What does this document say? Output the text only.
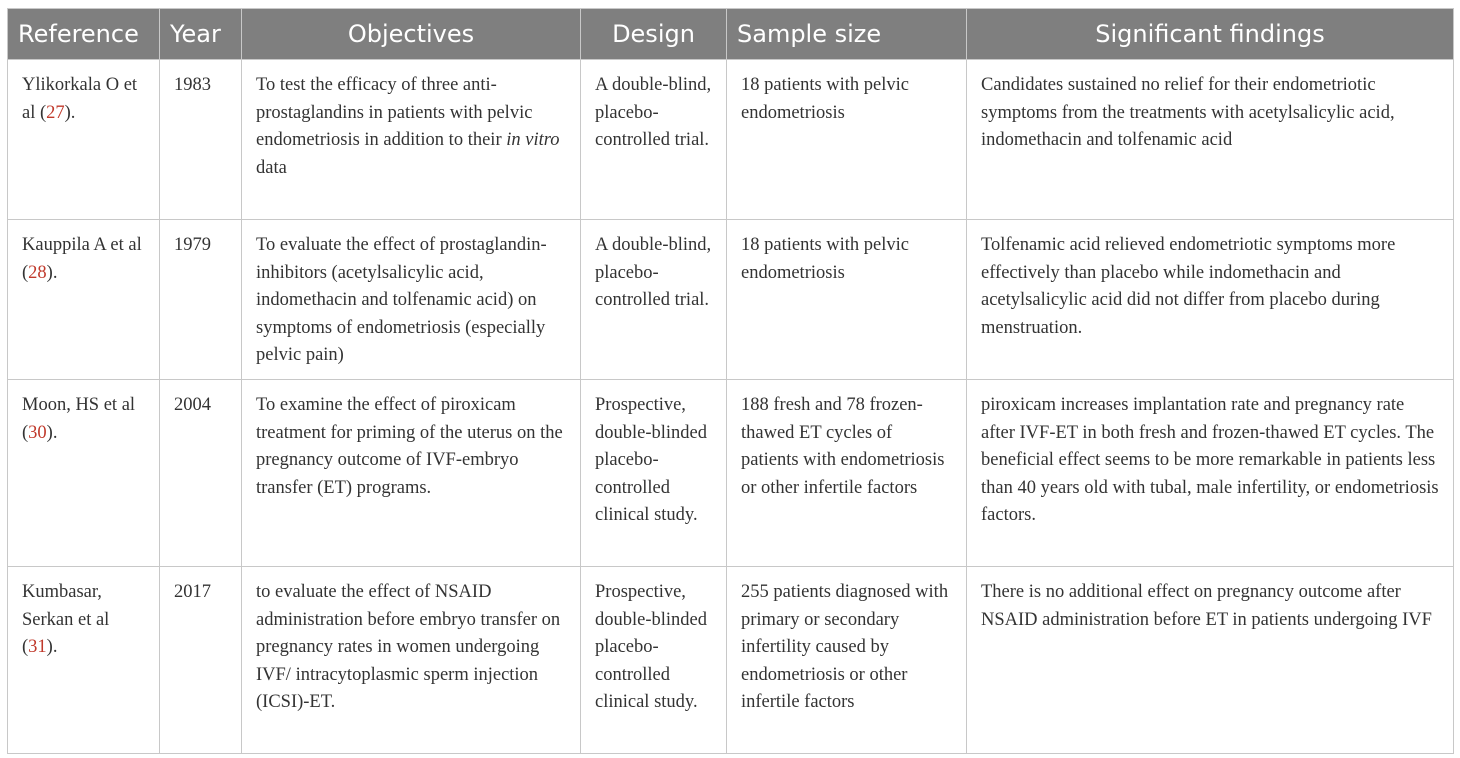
Reference	Year	Objectives	Design	Sample size	Significant findings
Ylikorkala O et al (27).	1983	To test the efficacy of three anti-prostaglandins in patients with pelvic endometriosis in addition to their in vitro data	A double-blind, placebo-controlled trial.	18 patients with pelvic endometriosis	Candidates sustained no relief for their endometriotic symptoms from the treatments with acetylsalicylic acid, indomethacin and tolfenamic acid
Kauppila A et al (28).	1979	To evaluate the effect of prostaglandin-inhibitors (acetylsalicylic acid, indomethacin and tolfenamic acid) on symptoms of endometriosis (especially pelvic pain)	A double-blind, placebo-controlled trial.	18 patients with pelvic endometriosis	Tolfenamic acid relieved endometriotic symptoms more effectively than placebo while indomethacin and acetylsalicylic acid did not differ from placebo during menstruation.
Moon, HS et al (30).	2004	To examine the effect of piroxicam treatment for priming of the uterus on the pregnancy outcome of IVF-embryo transfer (ET) programs.	Prospective, double-blinded placebo-controlled clinical study.	188 fresh and 78 frozen-thawed ET cycles of patients with endometriosis or other infertile factors	piroxicam increases implantation rate and pregnancy rate after IVF-ET in both fresh and frozen-thawed ET cycles. The beneficial effect seems to be more remarkable in patients less than 40 years old with tubal, male infertility, or endometriosis factors.
Kumbasar, Serkan et al (31).	2017	to evaluate the effect of NSAID administration before embryo transfer on pregnancy rates in women undergoing IVF/ intracytoplasmic sperm injection (ICSI)-ET.	Prospective, double-blinded placebo-controlled clinical study.	255 patients diagnosed with primary or secondary infertility caused by endometriosis or other infertile factors	There is no additional effect on pregnancy outcome after NSAID administration before ET in patients undergoing IVF
